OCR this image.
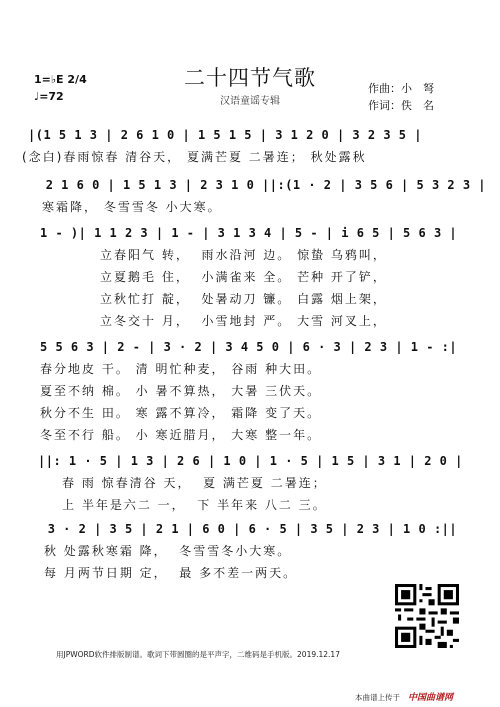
二十四节气歌
汉语童谣专辑
1=♭E 2/4
♩=72
作曲：小　弩
作词：佚　名
|(1 5 1 3 | 2 6 1 0 | 1 5 1 5 | 3 1 2 0 | 3 2 3 5 |
(念白)春雨惊春 清谷天， 夏满芒夏 二暑连； 秋处露秋
2 1 6 0 | 1 5 1 3 | 2 3 1 0 ||:(1 · 2 | 3 5 6 | 5 3 2 3 |
寒霜降， 冬雪雪冬 小大寒。
1 - )| 1 1 2 3 | 1 - | 3 1 3 4 | 5 - | i 6 5 | 5 6 3 |
立春阳气 转，  雨水沿河 边。 惊蛰 乌鸦叫，
立夏鹅毛 住，  小满雀来 全。 芒种 开了铲，
立秋忙打 靛，  处暑动刀 镰。 白露 烟上架，
立冬交十 月，  小雪地封 严。 大雪 河叉上，
5 5 6 3 | 2 - | 3 · 2 | 3 4 5 0 | 6 · 3 | 2 3 | 1 - :|
春分地皮 干。 清 明忙种麦， 谷雨 种大田。
夏至不纳 棉。 小 暑不算热， 大暑 三伏天。
秋分不生 田。 寒 露不算冷， 霜降 变了天。
冬至不行 船。 小 寒近腊月， 大寒 整一年。
||: 1 · 5 | 1 3 | 2 6 | 1 0 | 1 · 5 | 1 5 | 3 1 | 2 0 |
春 雨 惊春清谷 天，  夏 满芒夏 二暑连；
上 半年是六二 一，  下 半年来 八二 三。
3 · 2 | 3 5 | 2 1 | 6 0 | 6 · 5 | 3 5 | 2 3 | 1 0 :||
秋 处露秋寒霜 降，  冬雪雪冬小大寒。
每 月两节日期 定，  最 多不差一两天。
用JPWORD软件排版制谱。歌词下带圆圈的是平声字，二维码是手机版。2019.12.17
本曲谱上传于 中国曲谱网
